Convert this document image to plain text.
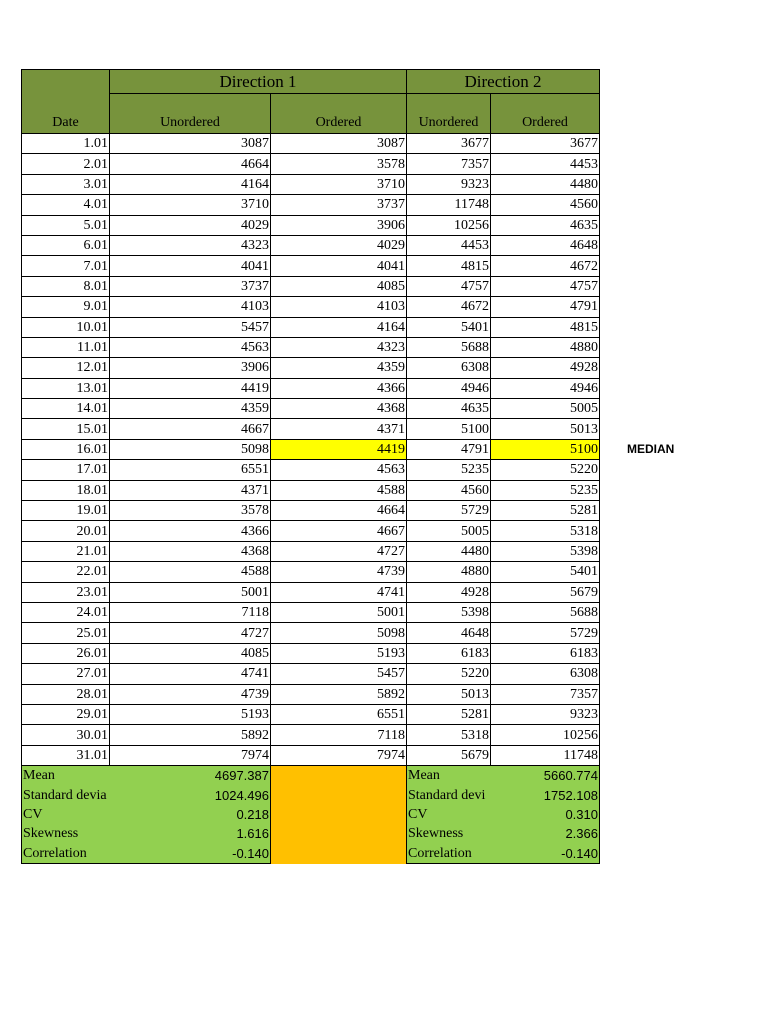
Date	Direction 1		Direction 2	
	Unordered	Ordered	Unordered	Ordered
1.01	3087	3087	3677	3677
2.01	4664	3578	7357	4453
3.01	4164	3710	9323	4480
4.01	3710	3737	11748	4560
5.01	4029	3906	10256	4635
6.01	4323	4029	4453	4648
7.01	4041	4041	4815	4672
8.01	3737	4085	4757	4757
9.01	4103	4103	4672	4791
10.01	5457	4164	5401	4815
11.01	4563	4323	5688	4880
12.01	3906	4359	6308	4928
13.01	4419	4366	4946	4946
14.01	4359	4368	4635	5005
15.01	4667	4371	5100	5013
16.01	5098	4419	4791	5100
17.01	6551	4563	5235	5220
18.01	4371	4588	4560	5235
19.01	3578	4664	5729	5281
20.01	4366	4667	5005	5318
21.01	4368	4727	4480	5398
22.01	4588	4739	4880	5401
23.01	5001	4741	4928	5679
24.01	7118	5001	5398	5688
25.01	4727	5098	4648	5729
26.01	4085	5193	6183	6183
27.01	4741	5457	5220	6308
28.01	4739	5892	5013	7357
29.01	5193	6551	5281	9323
30.01	5892	7118	5318	10256
31.01	7974	7974	5679	11748
Mean	4697.387		Mean	5660.774
Standard devia	1024.496		Standard devi	1752.108
CV	0.218		CV	0.310
Skewness	1.616		Skewness	2.366
Correlation	-0.140		Correlation	-0.140
MEDIAN
